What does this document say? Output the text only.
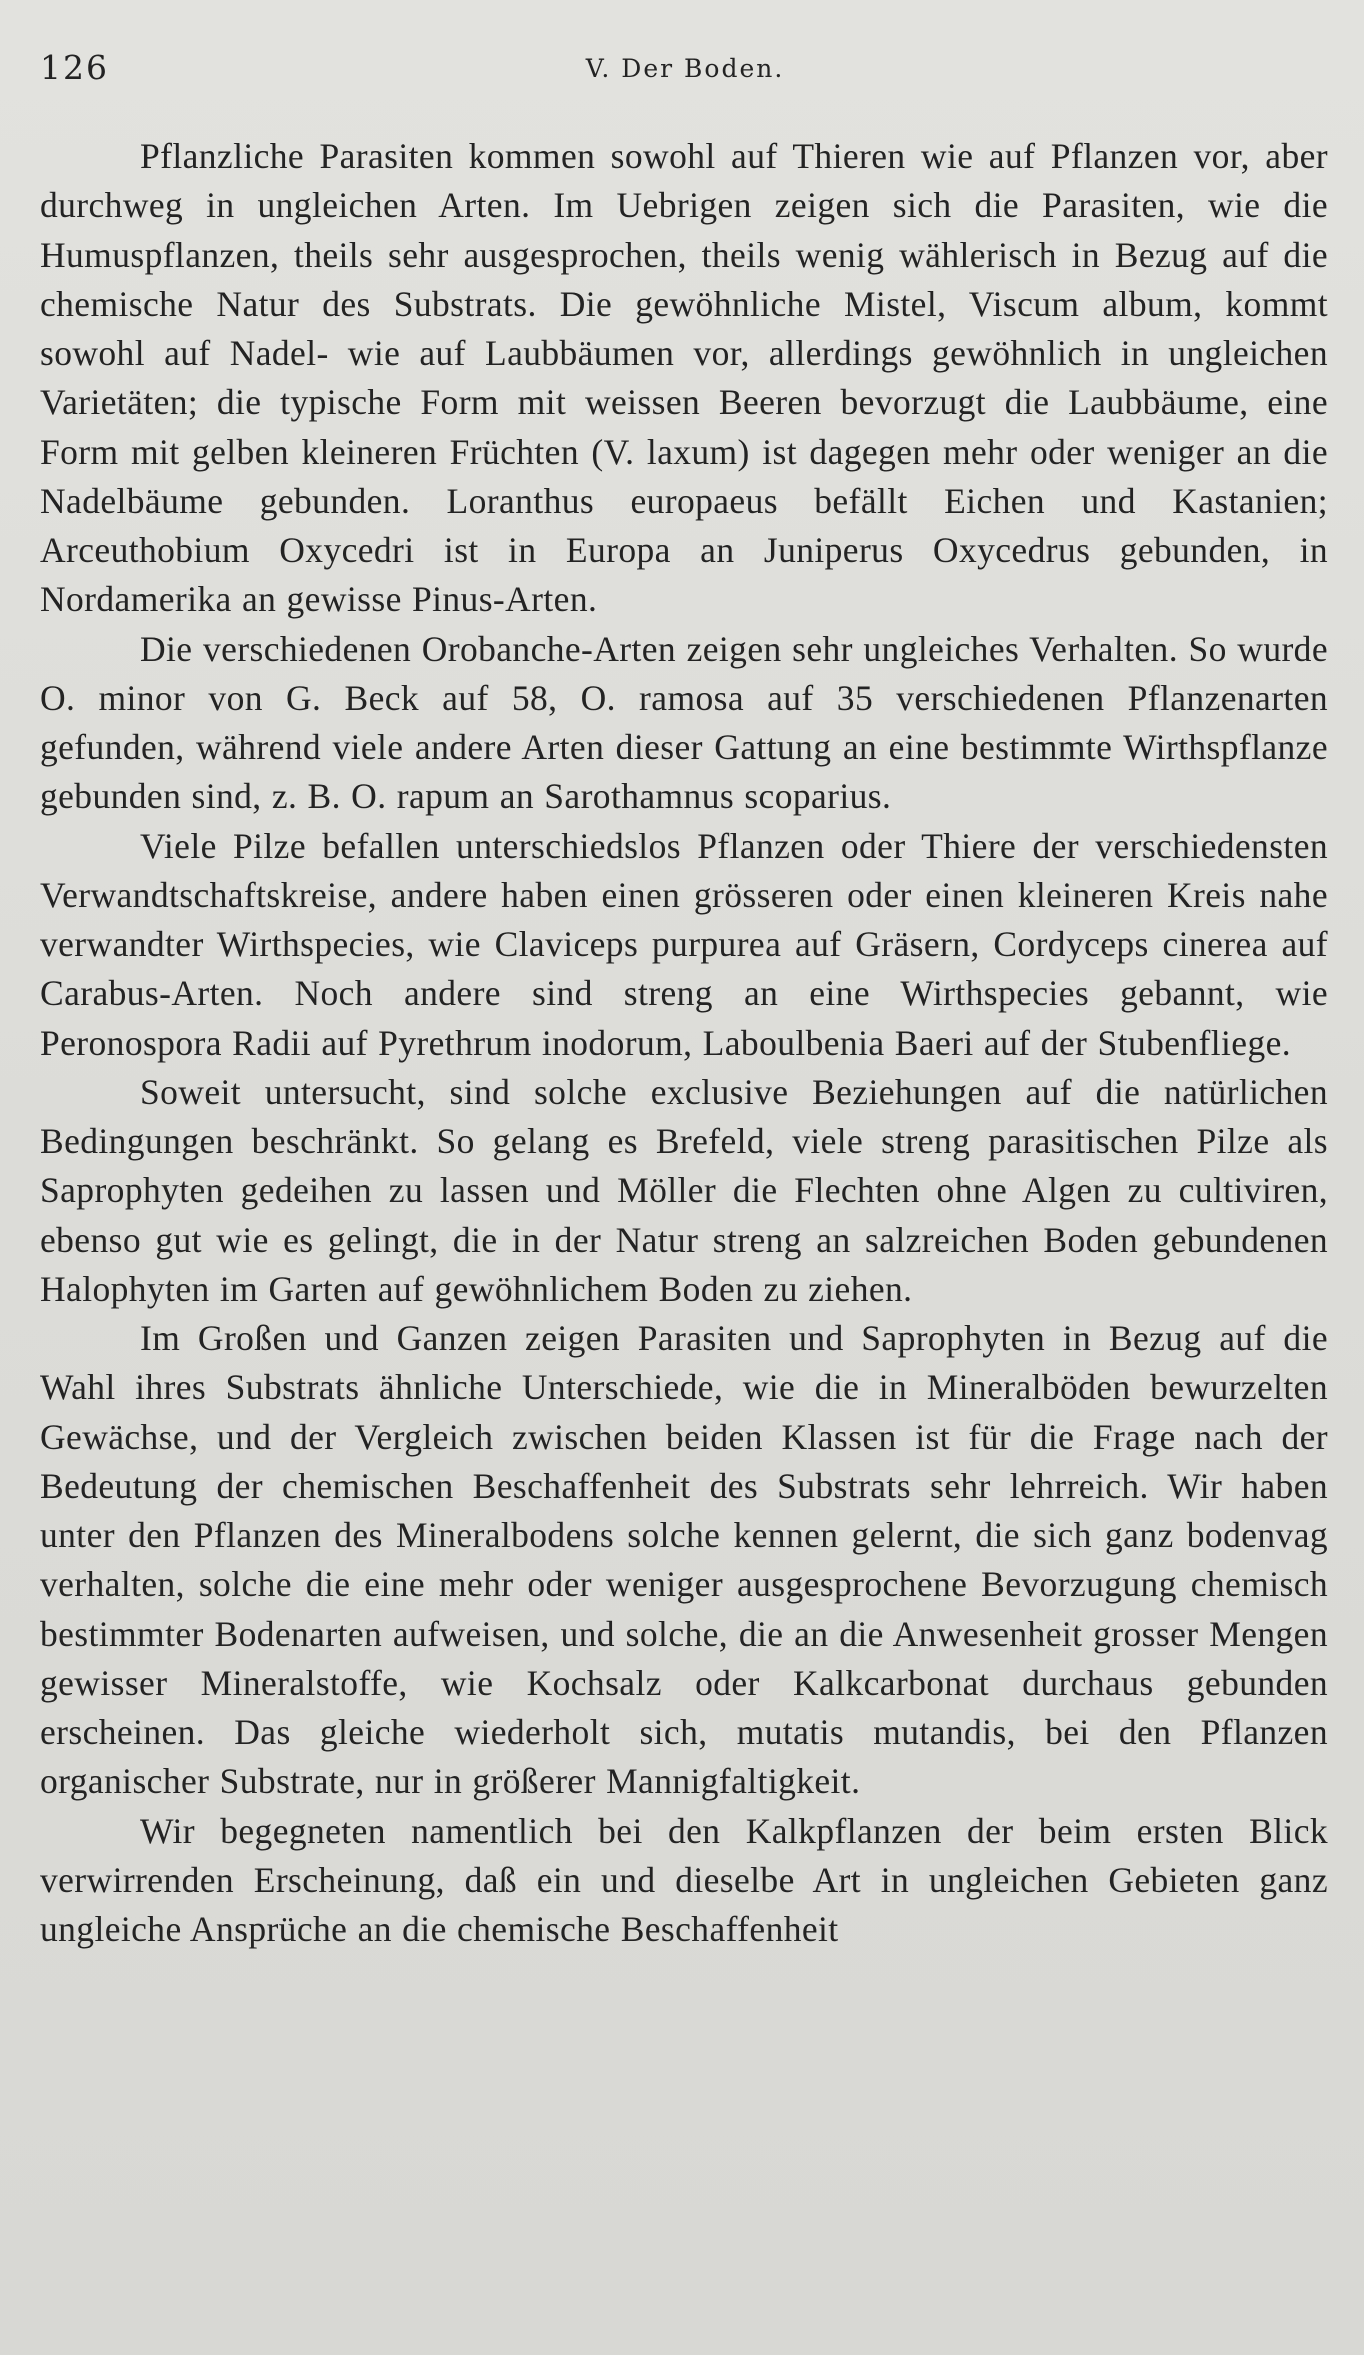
126	V. Der Boden.

Pflanzliche Parasiten kommen sowohl auf Thieren wie auf Pflanzen vor, aber durchweg in ungleichen Arten. Im Uebrigen zeigen sich die Parasiten, wie die Humuspflanzen, theils sehr ausgesprochen, theils wenig wählerisch in Bezug auf die chemische Natur des Substrats. Die gewöhnliche Mistel, Viscum album, kommt sowohl auf Nadel- wie auf Laubbäumen vor, allerdings gewöhnlich in ungleichen Varietäten; die typische Form mit weissen Beeren bevorzugt die Laubbäume, eine Form mit gelben kleineren Früchten (V. laxum) ist dagegen mehr oder weniger an die Nadelbäume gebunden. Loranthus europaeus befällt Eichen und Kastanien; Arceuthobium Oxycedri ist in Europa an Juniperus Oxycedrus gebunden, in Nordamerika an gewisse Pinus-Arten.

Die verschiedenen Orobanche-Arten zeigen sehr ungleiches Verhalten. So wurde O. minor von G. Beck auf 58, O. ramosa auf 35 verschiedenen Pflanzenarten gefunden, während viele andere Arten dieser Gattung an eine bestimmte Wirthspflanze gebunden sind, z. B. O. rapum an Sarothamnus scoparius.

Viele Pilze befallen unterschiedslos Pflanzen oder Thiere der verschiedensten Verwandtschaftskreise, andere haben einen grösseren oder einen kleineren Kreis nahe verwandter Wirthspecies, wie Claviceps purpurea auf Gräsern, Cordyceps cinerea auf Carabus-Arten. Noch andere sind streng an eine Wirthspecies gebannt, wie Peronospora Radii auf Pyrethrum inodorum, Laboulbenia Baeri auf der Stubenfliege.

Soweit untersucht, sind solche exclusive Beziehungen auf die natürlichen Bedingungen beschränkt. So gelang es Brefeld, viele streng parasitischen Pilze als Saprophyten gedeihen zu lassen und Möller die Flechten ohne Algen zu cultiviren, ebenso gut wie es gelingt, die in der Natur streng an salzreichen Boden gebundenen Halophyten im Garten auf gewöhnlichem Boden zu ziehen.

Im Großen und Ganzen zeigen Parasiten und Saprophyten in Bezug auf die Wahl ihres Substrats ähnliche Unterschiede, wie die in Mineralböden bewurzelten Gewächse, und der Vergleich zwischen beiden Klassen ist für die Frage nach der Bedeutung der chemischen Beschaffenheit des Substrats sehr lehrreich. Wir haben unter den Pflanzen des Mineralbodens solche kennen gelernt, die sich ganz bodenvag verhalten, solche die eine mehr oder weniger ausgesprochene Bevorzugung chemisch bestimmter Bodenarten aufweisen, und solche, die an die Anwesenheit grosser Mengen gewisser Mineralstoffe, wie Kochsalz oder Kalkcarbonat durchaus gebunden erscheinen. Das gleiche wiederholt sich, mutatis mutandis, bei den Pflanzen organischer Substrate, nur in größerer Mannigfaltigkeit.

Wir begegneten namentlich bei den Kalkpflanzen der beim ersten Blick verwirrenden Erscheinung, daß ein und dieselbe Art in ungleichen Gebieten ganz ungleiche Ansprüche an die chemische Beschaffenheit
